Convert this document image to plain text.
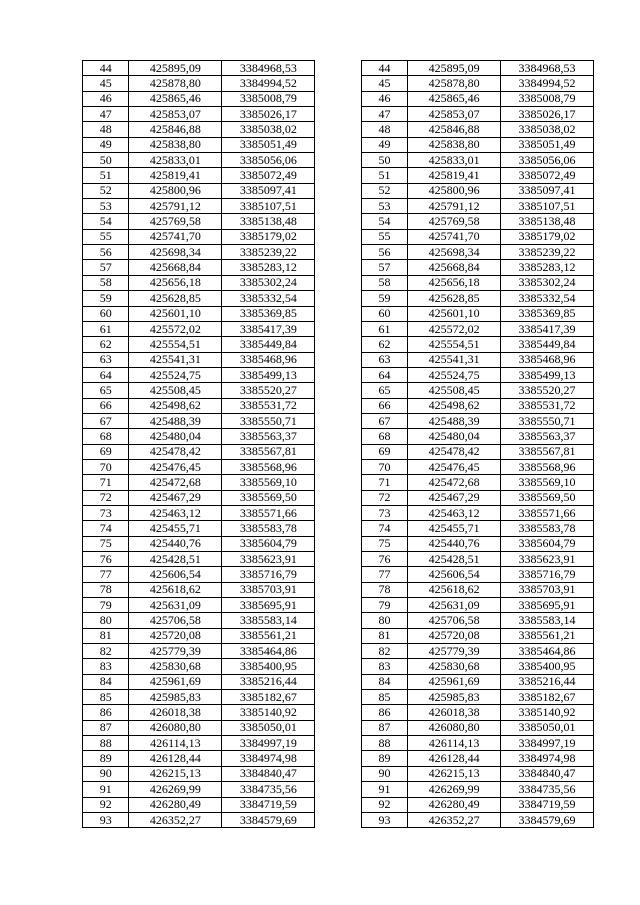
44	425895,09	3384968,53		44	425895,09	3384968,53
45	425878,80	3384994,52		45	425878,80	3384994,52
46	425865,46	3385008,79		46	425865,46	3385008,79
47	425853,07	3385026,17		47	425853,07	3385026,17
48	425846,88	3385038,02		48	425846,88	3385038,02
49	425838,80	3385051,49		49	425838,80	3385051,49
50	425833,01	3385056,06		50	425833,01	3385056,06
51	425819,41	3385072,49		51	425819,41	3385072,49
52	425800,96	3385097,41		52	425800,96	3385097,41
53	425791,12	3385107,51		53	425791,12	3385107,51
54	425769,58	3385138,48		54	425769,58	3385138,48
55	425741,70	3385179,02		55	425741,70	3385179,02
56	425698,34	3385239,22		56	425698,34	3385239,22
57	425668,84	3385283,12		57	425668,84	3385283,12
58	425656,18	3385302,24		58	425656,18	3385302,24
59	425628,85	3385332,54		59	425628,85	3385332,54
60	425601,10	3385369,85		60	425601,10	3385369,85
61	425572,02	3385417,39		61	425572,02	3385417,39
62	425554,51	3385449,84		62	425554,51	3385449,84
63	425541,31	3385468,96		63	425541,31	3385468,96
64	425524,75	3385499,13		64	425524,75	3385499,13
65	425508,45	3385520,27		65	425508,45	3385520,27
66	425498,62	3385531,72		66	425498,62	3385531,72
67	425488,39	3385550,71		67	425488,39	3385550,71
68	425480,04	3385563,37		68	425480,04	3385563,37
69	425478,42	3385567,81		69	425478,42	3385567,81
70	425476,45	3385568,96		70	425476,45	3385568,96
71	425472,68	3385569,10		71	425472,68	3385569,10
72	425467,29	3385569,50		72	425467,29	3385569,50
73	425463,12	3385571,66		73	425463,12	3385571,66
74	425455,71	3385583,78		74	425455,71	3385583,78
75	425440,76	3385604,79		75	425440,76	3385604,79
76	425428,51	3385623,91		76	425428,51	3385623,91
77	425606,54	3385716,79		77	425606,54	3385716,79
78	425618,62	3385703,91		78	425618,62	3385703,91
79	425631,09	3385695,91		79	425631,09	3385695,91
80	425706,58	3385583,14		80	425706,58	3385583,14
81	425720,08	3385561,21		81	425720,08	3385561,21
82	425779,39	3385464,86		82	425779,39	3385464,86
83	425830,68	3385400,95		83	425830,68	3385400,95
84	425961,69	3385216,44		84	425961,69	3385216,44
85	425985,83	3385182,67		85	425985,83	3385182,67
86	426018,38	3385140,92		86	426018,38	3385140,92
87	426080,80	3385050,01		87	426080,80	3385050,01
88	426114,13	3384997,19		88	426114,13	3384997,19
89	426128,44	3384974,98		89	426128,44	3384974,98
90	426215,13	3384840,47		90	426215,13	3384840,47
91	426269,99	3384735,56		91	426269,99	3384735,56
92	426280,49	3384719,59		92	426280,49	3384719,59
93	426352,27	3384579,69		93	426352,27	3384579,69
